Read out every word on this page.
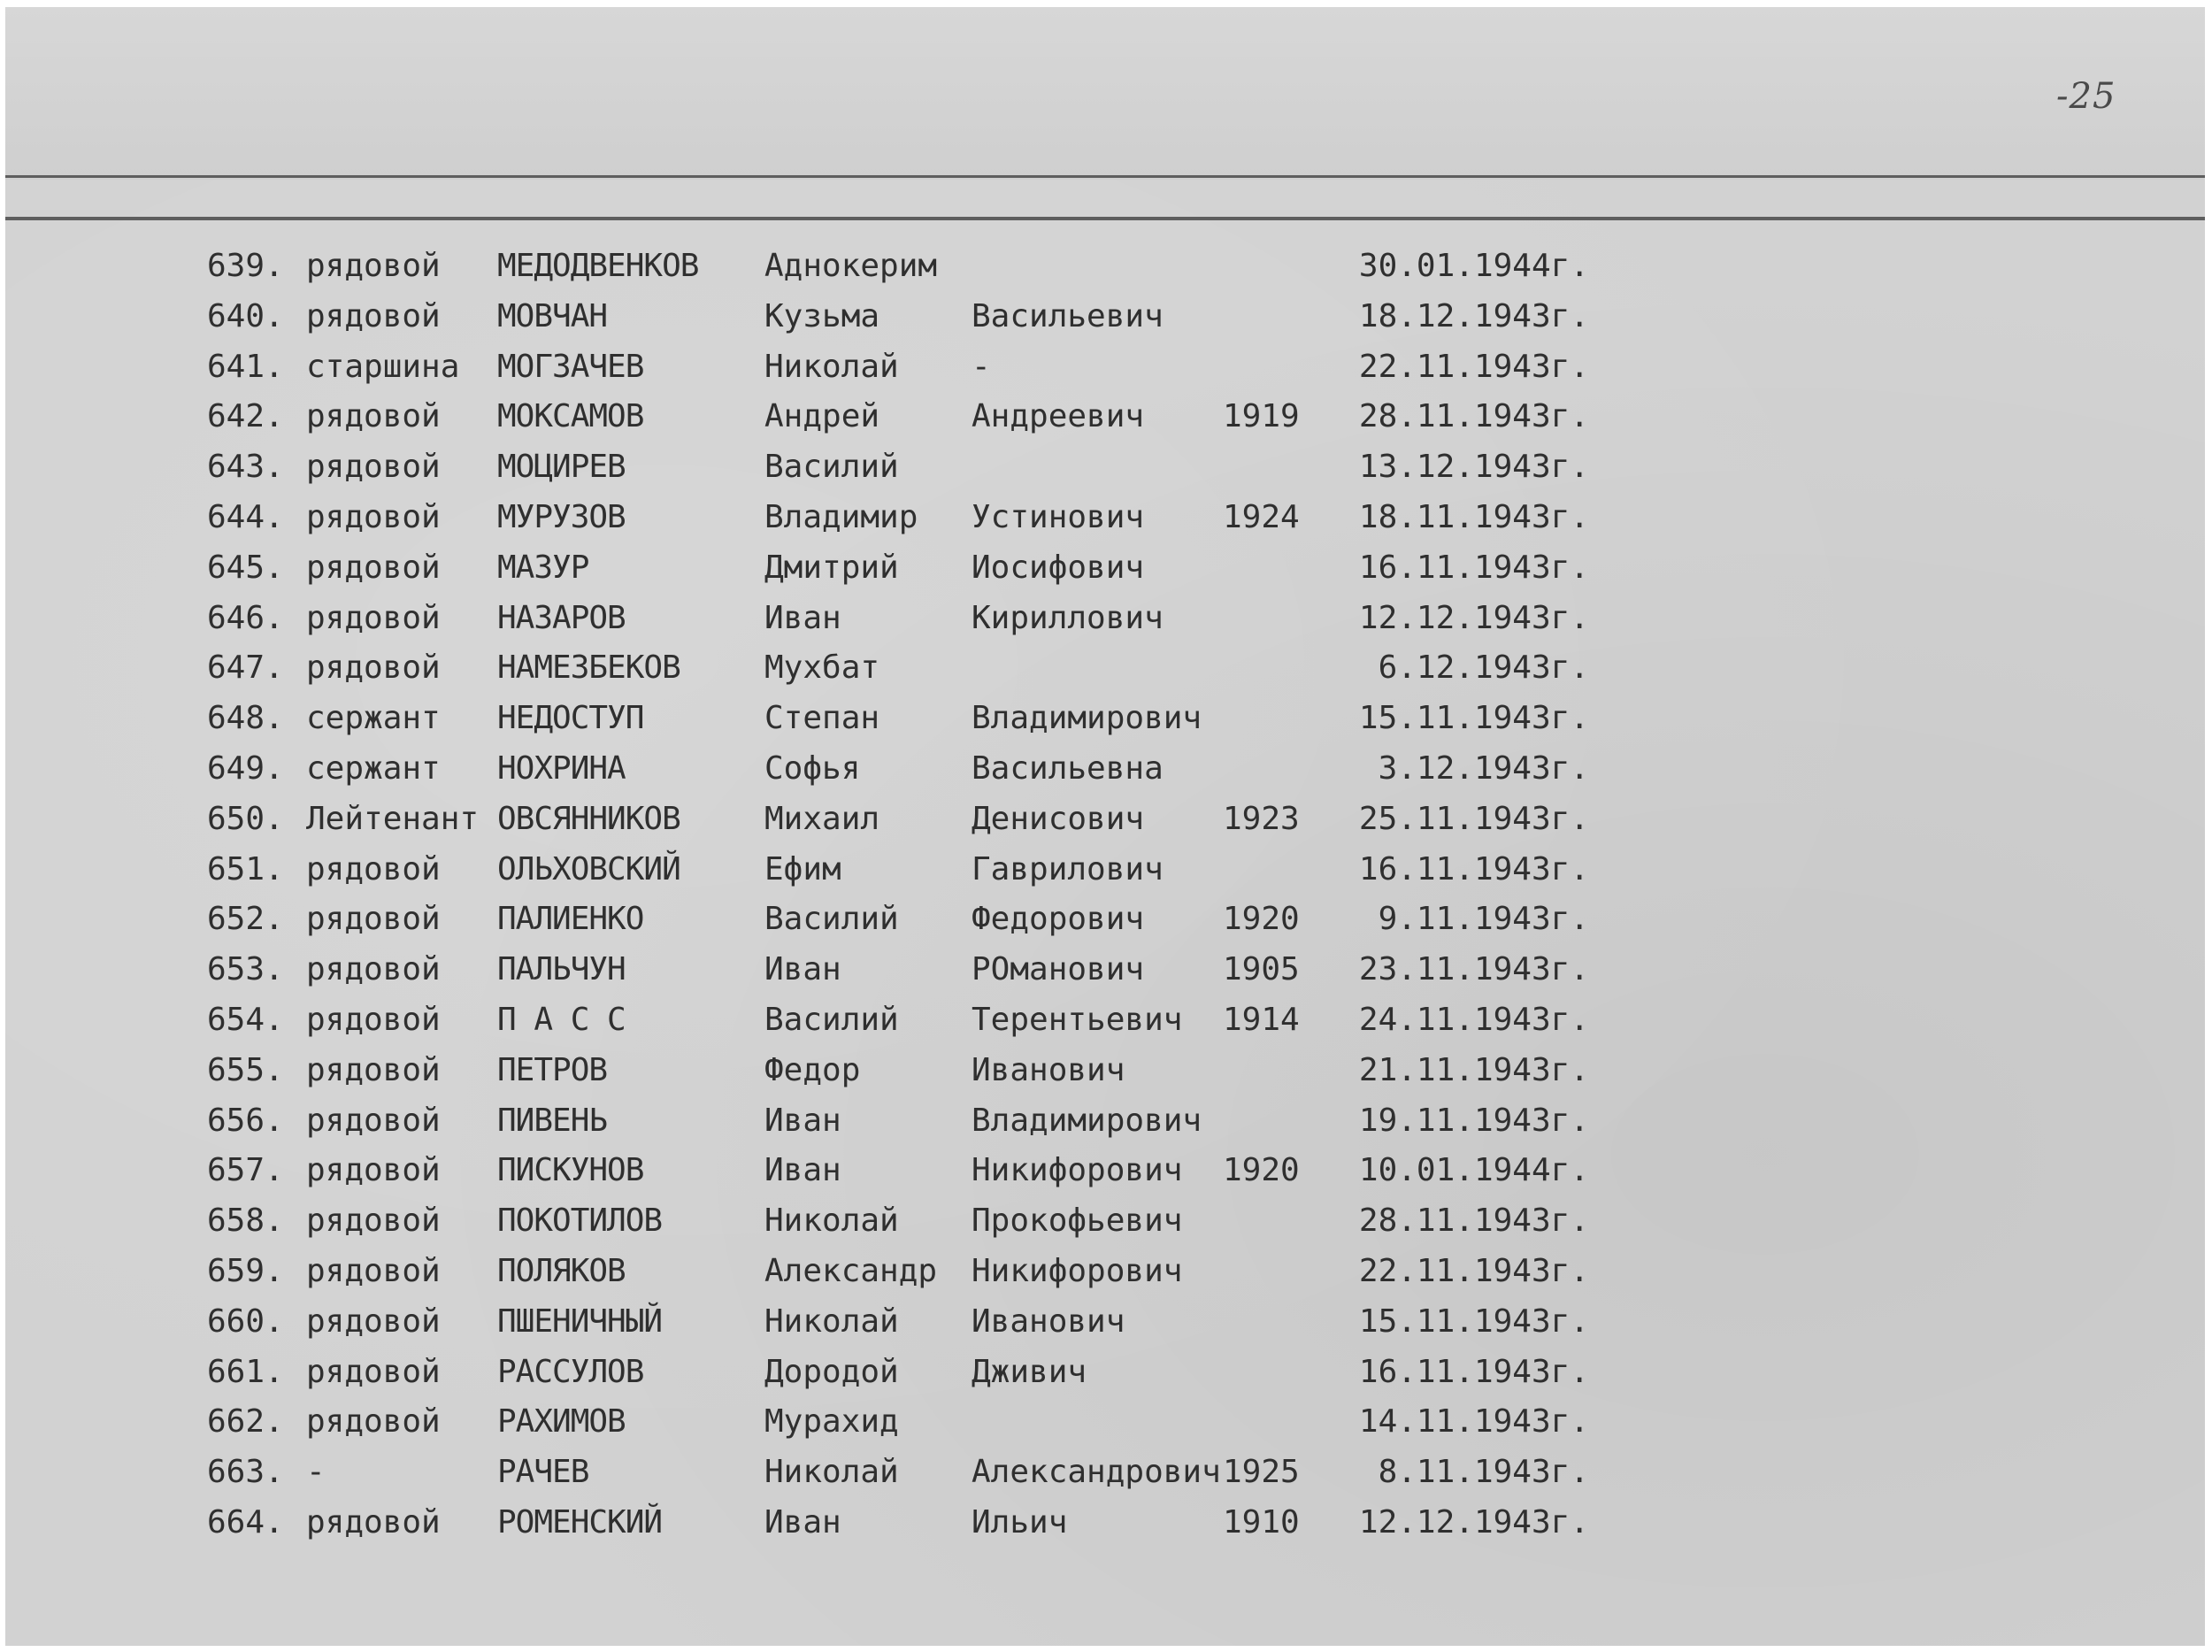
-25
639. рядовой МЕДОДВЕНКОВ Аднокерим	30.01.1944г.
640. рядовой МОВЧАН	Кузьма	Васильевич	18.12.1943г.
641. старшина МОГЗАЧЕВ	Николай -	22.11.1943г.
642. рядовой МОКСАМОВ	Андрей	Андреевич 1919 28.11.1943г.
643. рядовой МОЦИРЕВ	Василий	13.12.1943г.
644. рядовой МУРУЗОВ	Владимир Устинович 1924 18.11.1943г.
645. рядовой МАЗУР	Дмитрий Иосифович	16.11.1943г.
646. рядовой НАЗАРОВ	Иван	Кириллович	12.12.1943г.
647. рядовой НАМЕЗБЕКОВ	Мухбат	6.12.1943г.
648. сержант НЕДОСТУП	Степан	Владимирович	15.11.1943г.
649. сержант НОХРИНА	Софья	Васильевна	3.12.1943г.
650. Лейтенант ОВСЯННИКОВ	Михаил	Денисович 1923 25.11.1943г.
651. рядовой ОЛЬХОВСКИЙ	Ефим	Гаврилович	16.11.1943г.
652. рядовой ПАЛИЕНКО	Василий Федорович 1920	9.11.1943г.
653. рядовой ПАЛЬЧУН	Иван	РОманович 1905 23.11.1943г.
654. рядовой П А С С	Василий Терентьевич 1914 24.11.1943г.
655. рядовой ПЕТРОВ	Федор	Иванович	21.11.1943г.
656. рядовой ПИВЕНЬ	Иван	Владимирович	19.11.1943г.
657. рядовой ПИСКУНОВ	Иван	Никифорович 1920 10.01.1944г.
658. рядовой ПОКОТИЛОВ	Николай Прокофьевич	28.11.1943г.
659. рядовой ПОЛЯКОВ	Александр Никифорович	22.11.1943г.
660. рядовой ПШЕНИЧНЫЙ	Николай Иванович	15.11.1943г.
661. рядовой РАССУЛОВ	Дородой Дживич	16.11.1943г.
662. рядовой РАХИМОВ	Мурахид	14.11.1943г.
663. -	РАЧЕВ	Николай Александрович 1925	8.11.1943г.
664. рядовой РОМЕНСКИЙ	Иван	Ильич	1910 12.12.1943г.
